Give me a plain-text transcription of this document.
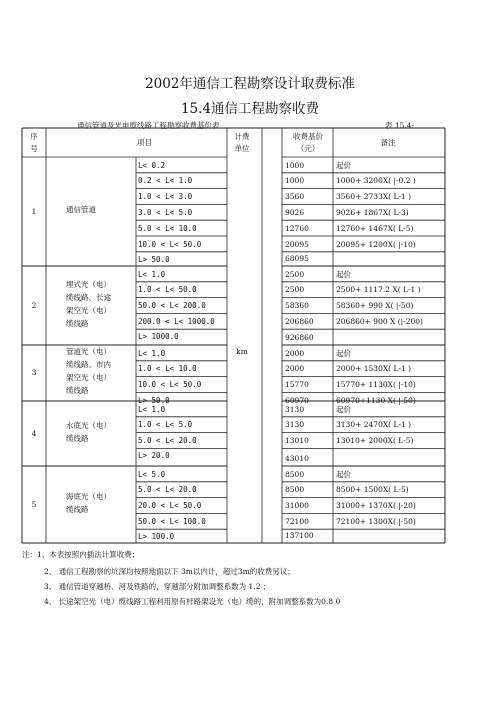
2002年通信工程勘察设计取费标准
15.4通信工程勘察收费
通信管道及光电缆线路工程勘察收费基价表	表 15.4-
序
号
项目
计费
单位
收费基价
（元）
备注
km
1	通信管道
L< 0.2	1000	起价
0.2 < L< 1.0	1000	1000+ 3200X( |-0.2 )
1.0 < L< 3.0	3560	3560+ 2733X( L-1 )
3.0 < L< 5.0	9026	9026+ 1867X( L-3)
5.0 < L< 10.0	12760	12760+ 1467X( L-5)
10.0 < L< 50.0	20095	20095+ 1200X( |-10)
L> 50.0	68095
2
埋式光（电）
缆线路、长途
架空光（电）
缆线路
L< 1.0	2500	起价
1.0 < L< 50.0	2500	2500+ 1117.2 X( L-1 )
50.0 < L< 200.0	58360	58360+ 990 X( |-50)
200.0 < L< 1000.0	206860	206860+ 900 X (|-200)
L> 1000.0	926860
3
管道光（电）
缆线路、市内
架空光（电）
缆线路
L< 1.0	2000	起价
1.0 < L< 10.0	2000	2000+ 1530X( L-1 )
10.0 < L< 50.0	15770	15770+ 1130X( |-10)
L> 50.0	60970	60970+1130 X( |-50)
4
水底光（电）
缆线路
L< 1.0	3130	起价
1.0 < L< 5.0	3130	3130+ 2470X( L-1 )
5.0 < L< 20.0	13010	13010+ 2000X( L-5)
L> 20.0	43010
5
海底光（电）
缆线路
L< 5.0	8500	起价
5.0 < L< 20.0	8500	8500+ 1500X( L-5)
20.0 < L< 50.0	31000	31000+ 1370X( |-20)
50.0 < L< 100.0	72100	72100+ 1300X( |-50)
L> 100.0	137100
注：1、本表按照内插法计算收费；
2、 通信工程勘察的坑深均按照地面以下 3m以内计，超过3m的收费另议；
3、 通信管道穿越桥、河及铁路的，穿越部分附加调整系数为 1.2 ；
4、 长途架空光（电）缆线路工程利用原有杆路架设光（电）缆的，附加调整系数为0.8 0
